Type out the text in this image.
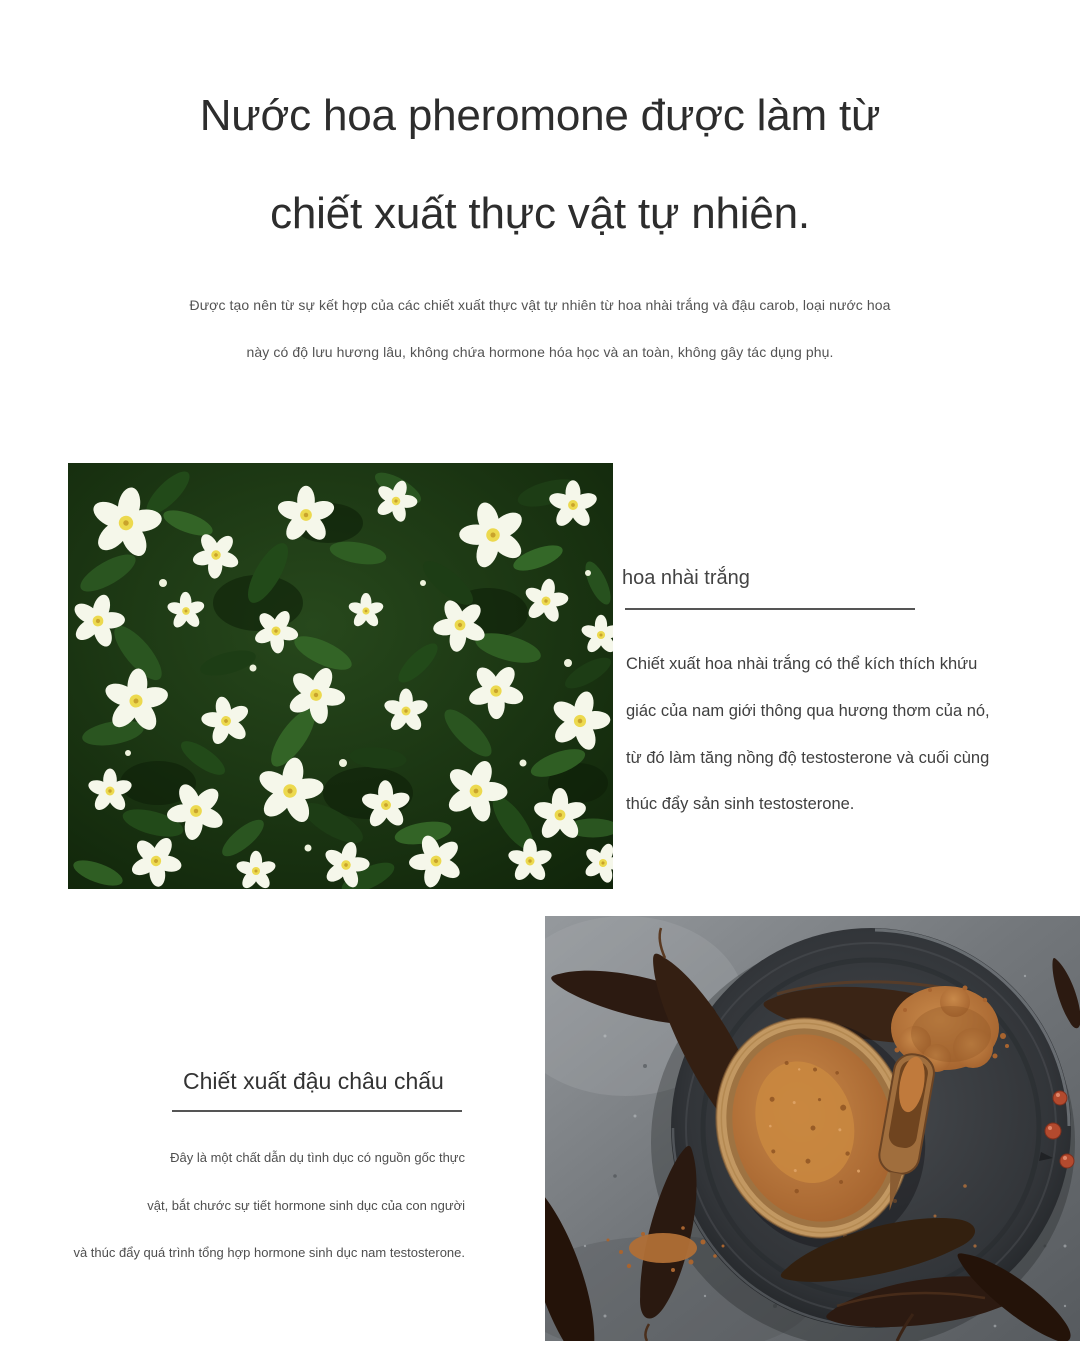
Nước hoa pheromone được làm từ
chiết xuất thực vật tự nhiên.
Được tạo nên từ sự kết hợp của các chiết xuất thực vật tự nhiên từ hoa nhài trắng và đậu carob, loại nước hoa
này có độ lưu hương lâu, không chứa hormone hóa học và an toàn, không gây tác dụng phụ.
hoa nhài trắng

Chiết xuất hoa nhài trắng có thể kích thích khứu

giác của nam giới thông qua hương thơm của nó,

từ đó làm tăng nồng độ testosterone và cuối cùng

thúc đẩy sản sinh testosterone.

Chiết xuất đậu châu chấu

Đây là một chất dẫn dụ tình dục có nguồn gốc thực

vật, bắt chước sự tiết hormone sinh dục của con người

và thúc đẩy quá trình tổng hợp hormone sinh dục nam testosterone.
